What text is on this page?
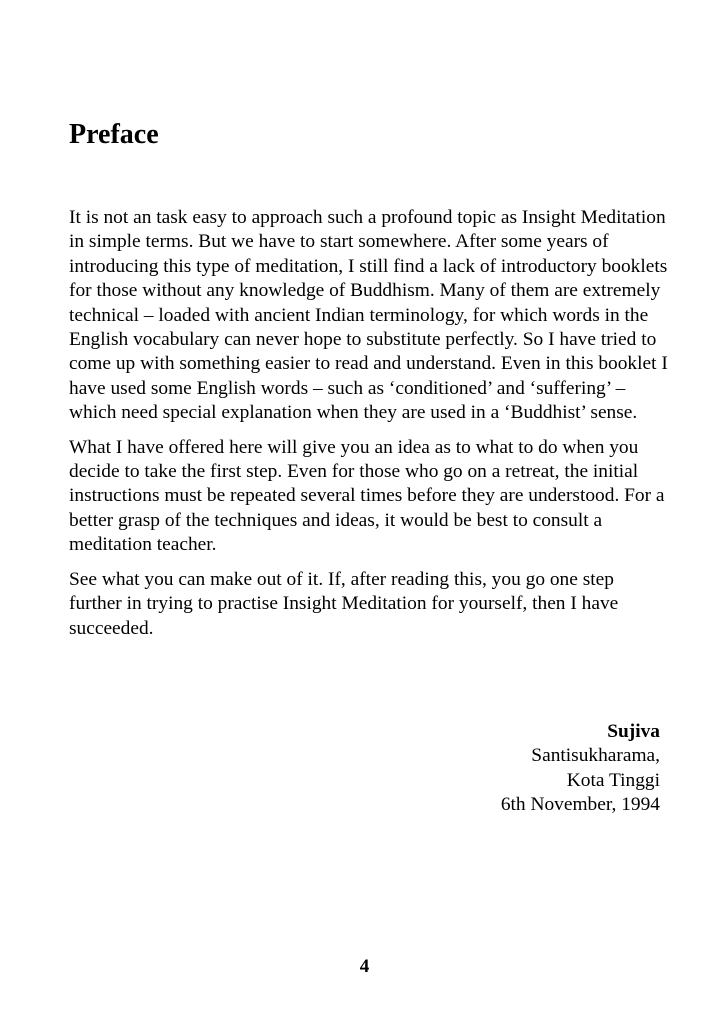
Preface

It is not an task easy to approach such a profound topic as Insight Meditation in simple terms. But we have to start somewhere. After some years of introducing this type of meditation, I still find a lack of introductory booklets for those without any knowledge of Buddhism. Many of them are extremely technical – loaded with ancient Indian terminology, for which words in the English vocabulary can never hope to substitute perfectly. So I have tried to come up with something easier to read and understand. Even in this booklet I have used some English words – such as ‘conditioned’ and ‘suffering’ – which need special explanation when they are used in a ‘Buddhist’ sense.

What I have offered here will give you an idea as to what to do when you decide to take the first step. Even for those who go on a retreat, the initial instructions must be repeated several times before they are understood. For a better grasp of the techniques and ideas, it would be best to consult a meditation teacher.

See what you can make out of it. If, after reading this, you go one step further in trying to practise Insight Meditation for yourself, then I have succeeded.

Sujiva
Santisukharama,
Kota Tinggi
6th November, 1994
4
